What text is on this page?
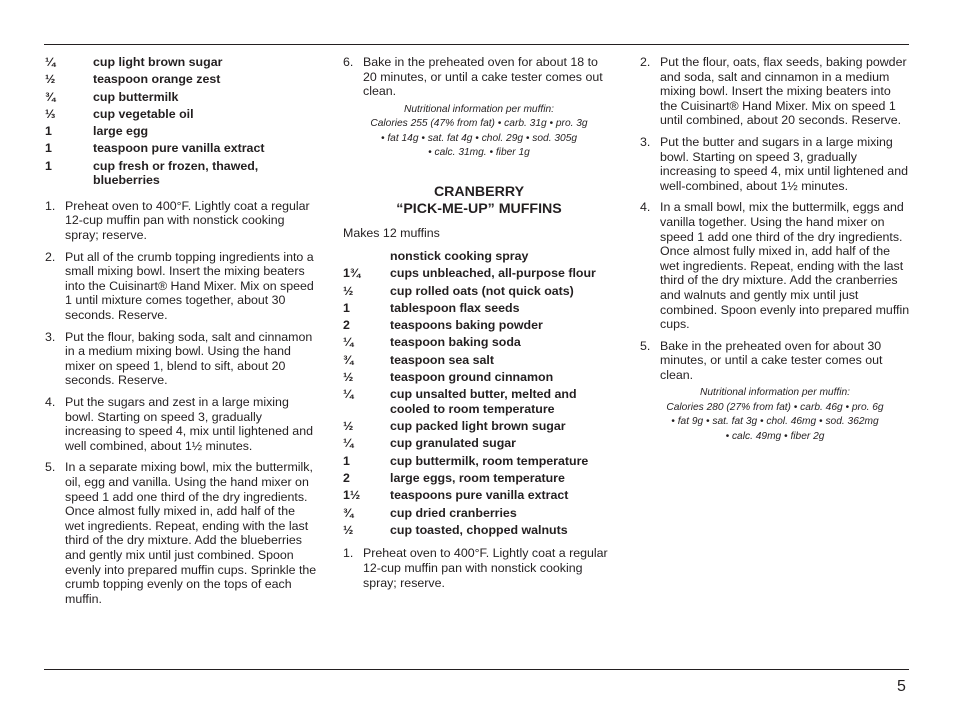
¼	cup light brown sugar
½	teaspoon orange zest
¾	cup buttermilk
⅓	cup vegetable oil
1	large egg
1	teaspoon pure vanilla extract
1	cup fresh or frozen, thawed, blueberries
1. Preheat oven to 400°F. Lightly coat a regular 12-cup muffin pan with nonstick cooking spray; reserve.
2. Put all of the crumb topping ingredients into a small mixing bowl. Insert the mixing beaters into the Cuisinart® Hand Mixer. Mix on speed 1 until mixture comes together, about 30 seconds. Reserve.
3. Put the flour, baking soda, salt and cinnamon in a medium mixing bowl. Using the hand mixer on speed 1, blend to sift, about 20 seconds. Reserve.
4. Put the sugars and zest in a large mixing bowl. Starting on speed 3, gradually increasing to speed 4, mix until lightened and well combined, about 1½ minutes.
5. In a separate mixing bowl, mix the buttermilk, oil, egg and vanilla. Using the hand mixer on speed 1 add one third of the dry ingredients. Once almost fully mixed in, add half of the wet ingredients. Repeat, ending with the last third of the dry mixture. Add the blueberries and gently mix until just combined. Spoon evenly into prepared muffin cups. Sprinkle the crumb topping evenly on the tops of each muffin.
6. Bake in the preheated oven for about 18 to 20 minutes, or until a cake tester comes out clean.
Nutritional information per muffin:
Calories 255 (47% from fat) • carb. 31g • pro. 3g
• fat 14g • sat. fat 4g • chol. 29g • sod. 305g
• calc. 31mg. • fiber 1g
CRANBERRY
“PICK-ME-UP” MUFFINS
Makes 12 muffins
nonstick cooking spray
1¾	cups unbleached, all-purpose flour
½	cup rolled oats (not quick oats)
1	tablespoon flax seeds
2	teaspoons baking powder
¼	teaspoon baking soda
¾	teaspoon sea salt
½	teaspoon ground cinnamon
¼	cup unsalted butter, melted and cooled to room temperature
½	cup packed light brown sugar
¼	cup granulated sugar
1	cup buttermilk, room temperature
2	large eggs, room temperature
1½	teaspoons pure vanilla extract
¾	cup dried cranberries
½	cup toasted, chopped walnuts
1. Preheat oven to 400°F. Lightly coat a regular 12-cup muffin pan with nonstick cooking spray; reserve.
2. Put the flour, oats, flax seeds, baking powder and soda, salt and cinnamon in a medium mixing bowl. Insert the mixing beaters into the Cuisinart® Hand Mixer. Mix on speed 1 until combined, about 20 seconds. Reserve.
3. Put the butter and sugars in a large mixing bowl. Starting on speed 3, gradually increasing to speed 4, mix until lightened and well-combined, about 1½ minutes.
4. In a small bowl, mix the buttermilk, eggs and vanilla together. Using the hand mixer on speed 1 add one third of the dry ingredients. Once almost fully mixed in, add half of the wet ingredients. Repeat, ending with the last third of the dry mixture. Add the cranberries and walnuts and gently mix until just combined. Spoon evenly into prepared muffin cups.
5. Bake in the preheated oven for about 30 minutes, or until a cake tester comes out clean.
Nutritional information per muffin:
Calories 280 (27% from fat) • carb. 46g • pro. 6g
• fat 9g • sat. fat 3g • chol. 46mg • sod. 362mg
• calc. 49mg • fiber 2g
5
